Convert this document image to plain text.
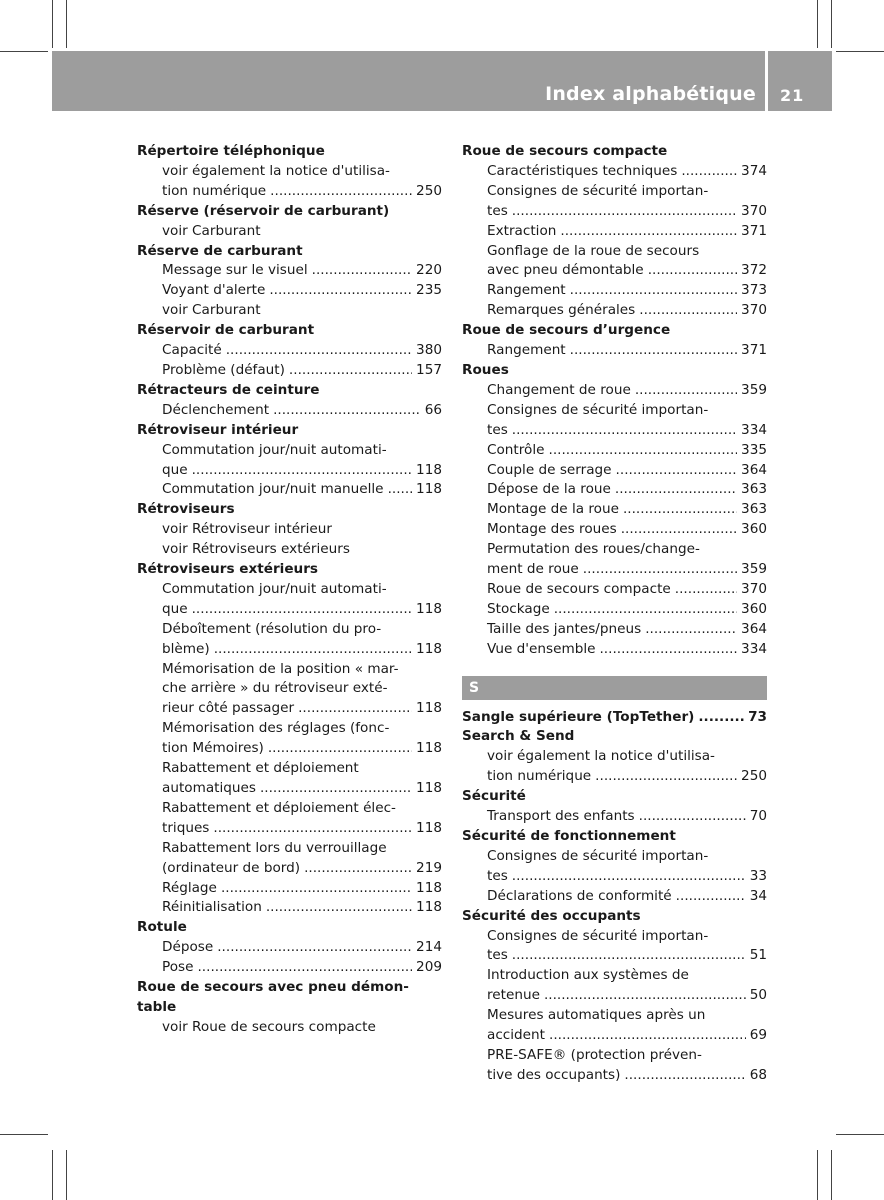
Index alphabétique 21
Répertoire téléphonique
voir également la notice d'utilisa-
tion numérique .....	250
Réserve (réservoir de carburant)
voir Carburant
Réserve de carburant
Message sur le visuel .....	220
Voyant d'alerte .....	235
voir Carburant
Réservoir de carburant
Capacité .....	380
Problème (défaut) .....	157
Rétracteurs de ceinture
Déclenchement .....	66
Rétroviseur intérieur
Commutation jour/nuit automati-
que .....	118
Commutation jour/nuit manuelle ..... 118
Rétroviseurs
voir Rétroviseur intérieur
voir Rétroviseurs extérieurs
Rétroviseurs extérieurs
Commutation jour/nuit automati-
que .....	118
Déboîtement (résolution du pro-
blème) .....	118
Mémorisation de la position « mar-
che arrière » du rétroviseur exté-
rieur côté passager .....	118
Mémorisation des réglages (fonc-
tion Mémoires) .....	118
Rabattement et déploiement
automatiques .....	118
Rabattement et déploiement élec-
triques .....	118
Rabattement lors du verrouillage
(ordinateur de bord) .....	219
Réglage .....	118
Réinitialisation .....	118
Rotule
Dépose .....	214
Pose .....	209
Roue de secours avec pneu démon-
table
voir Roue de secours compacte
Roue de secours compacte
Caractéristiques techniques .....	374
Consignes de sécurité importan-
tes .....	370
Extraction .....	371
Gonflage de la roue de secours
avec pneu démontable .....	372
Rangement .....	373
Remarques générales .....	370
Roue de secours d’urgence
Rangement .....	371
Roues
Changement de roue .....	359
Consignes de sécurité importan-
tes .....	334
Contrôle .....	335
Couple de serrage .....	364
Dépose de la roue .....	363
Montage de la roue .....	363
Montage des roues .....	360
Permutation des roues/change-
ment de roue .....	359
Roue de secours compacte .....	370
Stockage .....	360
Taille des jantes/pneus .....	364
Vue d'ensemble .....	334
S
Sangle supérieure (TopTether) .....	73
Search & Send
voir également la notice d'utilisa-
tion numérique .....	250
Sécurité
Transport des enfants .....	70
Sécurité de fonctionnement
Consignes de sécurité importan-
tes .....	33
Déclarations de conformité .....	34
Sécurité des occupants
Consignes de sécurité importan-
tes .....	51
Introduction aux systèmes de
retenue .....	50
Mesures automatiques après un
accident .....	69
PRE-SAFE® (protection préven-
tive des occupants) .....	68
